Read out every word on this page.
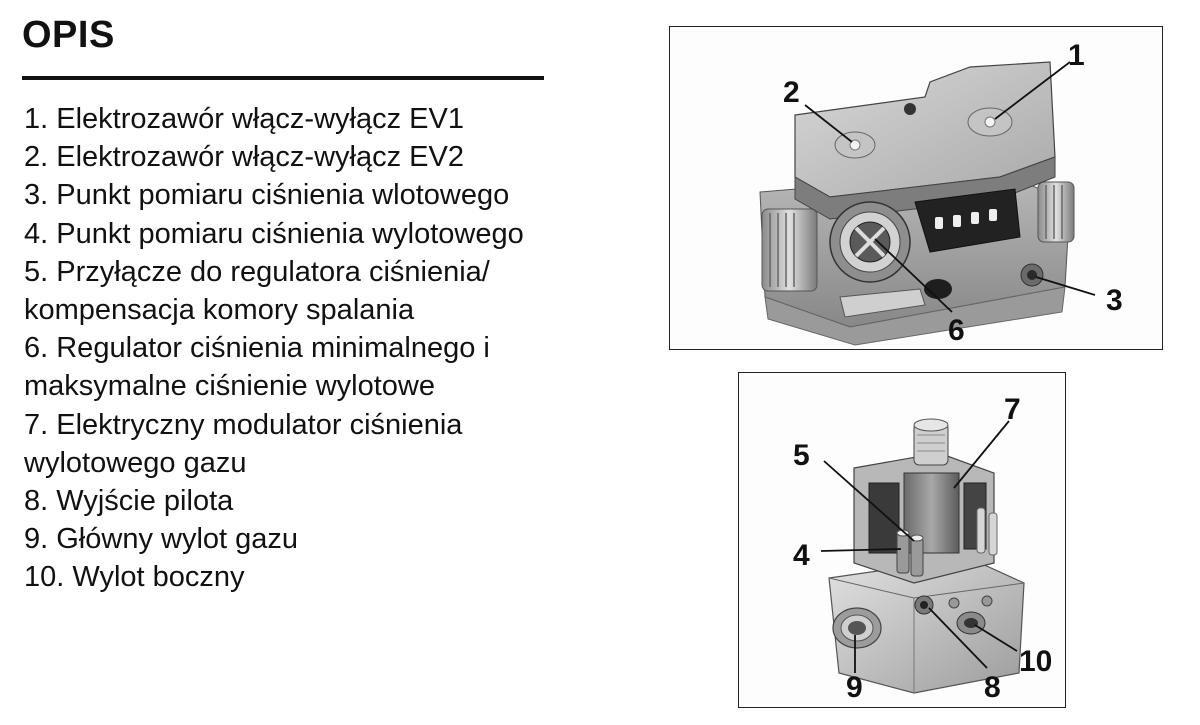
OPIS
1. Elektrozawór włącz-wyłącz EV1
2. Elektrozawór włącz-wyłącz EV2
3. Punkt pomiaru ciśnienia wlotowego
4. Punkt pomiaru ciśnienia wylotowego
5. Przyłącze do regulatora ciśnienia/
kompensacja komory spalania
6. Regulator ciśnienia minimalnego i
maksymalne ciśnienie wylotowe
7. Elektryczny modulator ciśnienia
wylotowego gazu
8. Wyjście pilota
9. Główny wylot gazu
10. Wylot boczny
1
2
3
6
4
5
7
8
9
10
